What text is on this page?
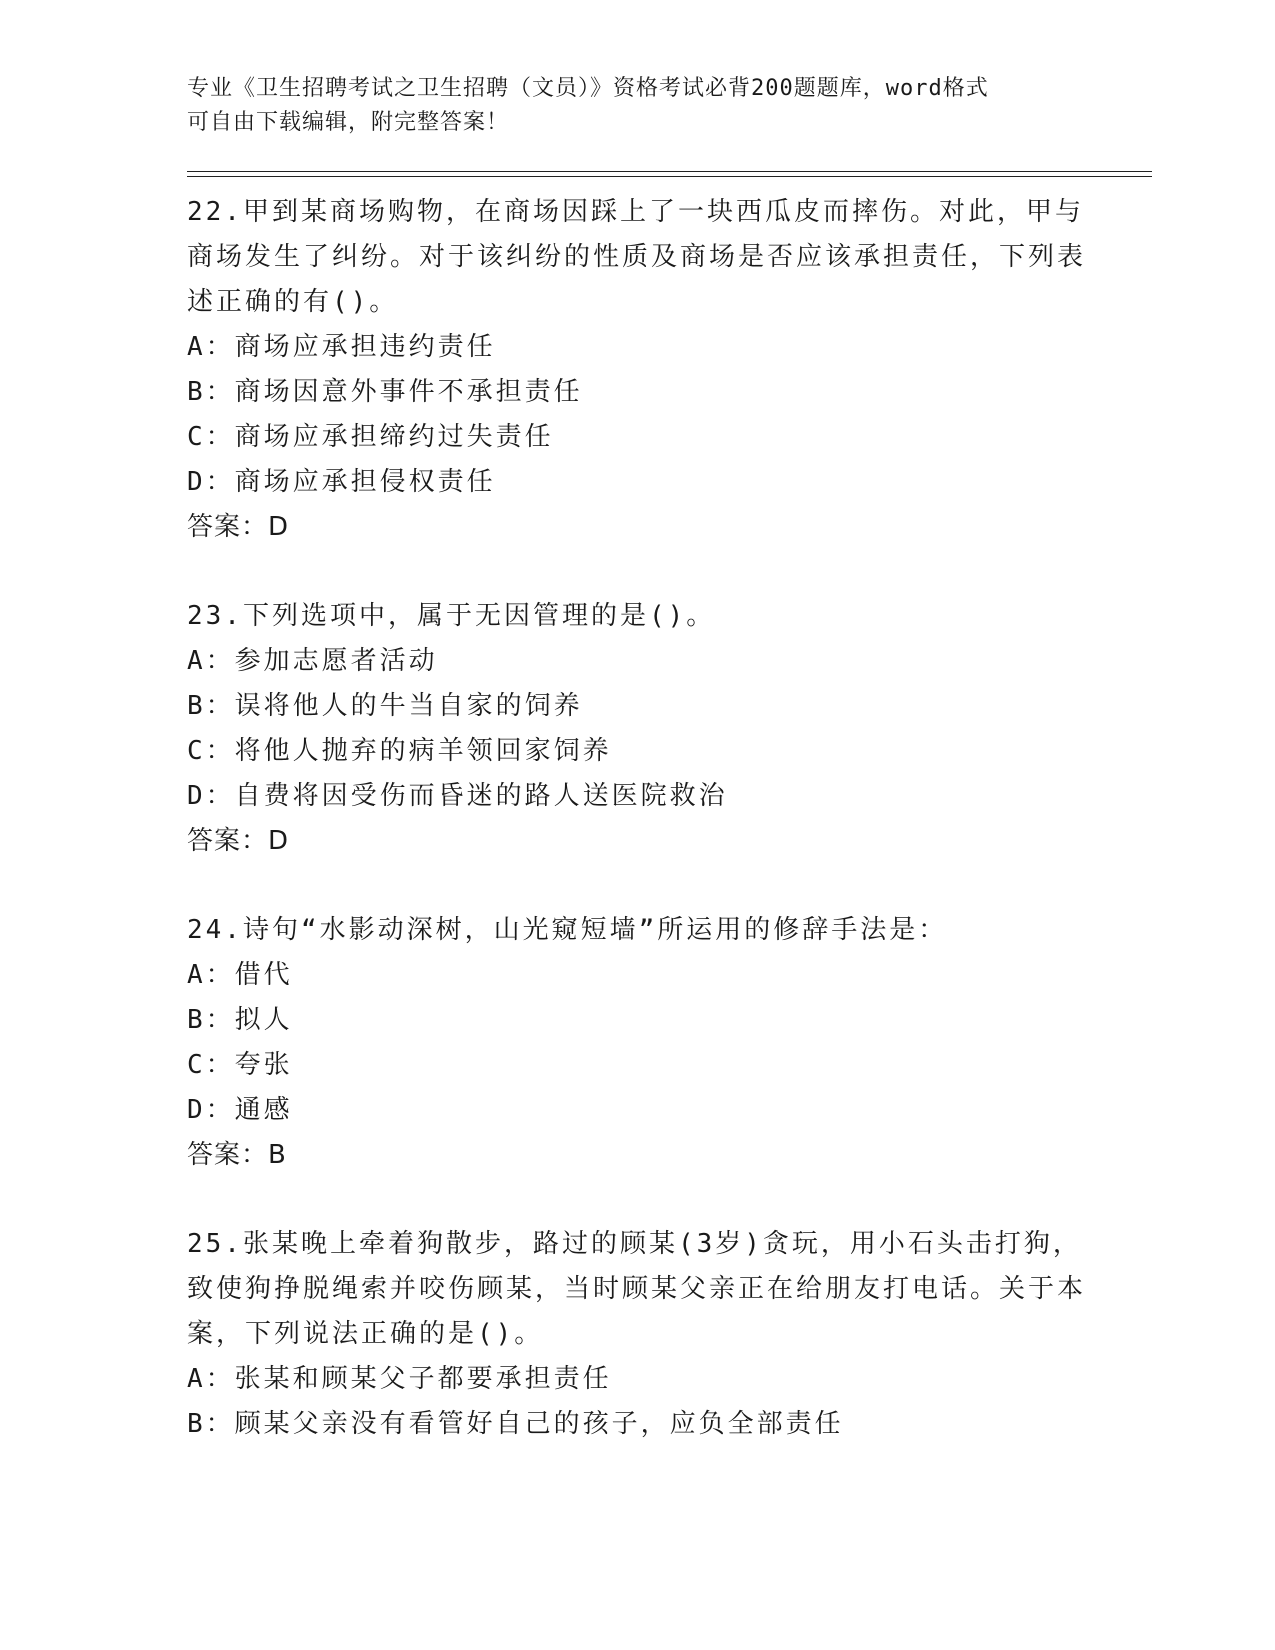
专业《卫生招聘考试之卫生招聘（文员）》资格考试必背200题题库，word格式
可自由下载编辑，附完整答案！
22.甲到某商场购物，在商场因踩上了一块西瓜皮而摔伤。对此，甲与商场发生了纠纷。对于该纠纷的性质及商场是否应该承担责任，下列表述正确的有()。
A：商场应承担违约责任
B：商场因意外事件不承担责任
C：商场应承担缔约过失责任
D：商场应承担侵权责任
答案：D
23.下列选项中，属于无因管理的是()。
A：参加志愿者活动
B：误将他人的牛当自家的饲养
C：将他人抛弃的病羊领回家饲养
D：自费将因受伤而昏迷的路人送医院救治
答案：D
24.诗句“水影动深树，山光窥短墙”所运用的修辞手法是：
A：借代
B：拟人
C：夸张
D：通感
答案：B
25.张某晚上牵着狗散步，路过的顾某(3岁)贪玩，用小石头击打狗，致使狗挣脱绳索并咬伤顾某，当时顾某父亲正在给朋友打电话。关于本案，下列说法正确的是()。
A：张某和顾某父子都要承担责任
B：顾某父亲没有看管好自己的孩子，应负全部责任
